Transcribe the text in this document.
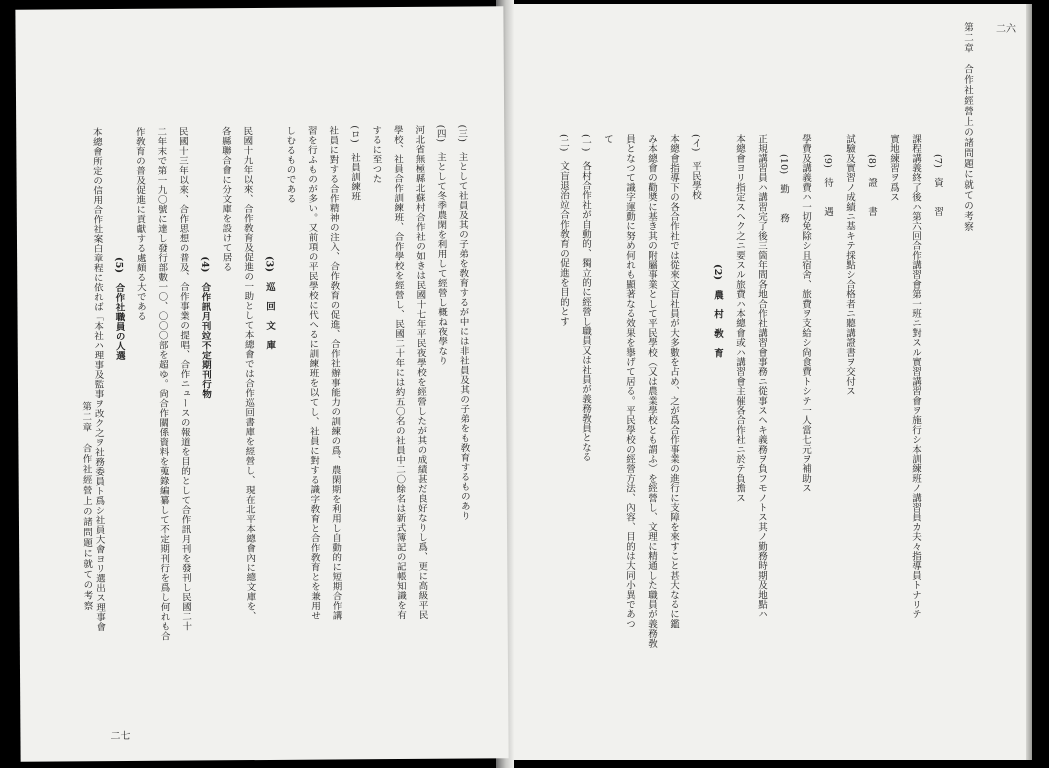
二六
第二章　合作社經營上の諸問題に就ての考察
(7)　資　　習
課程講義終了後ハ第六回合作講習會第一班ニ對スル實習講習會ヲ施行シ本訓練班ノ講習員カ夫々指導員トナリテ
實地練習ヲ爲ス
(8)　證　　書
試驗及實習ノ成績ニ基キテ採點シ合格者ニ聽講證書ヲ交付ス
(9)　待　　遇
學費及講義費ハ一切免除シ且宿舍、旅費ヲ支給シ尙食費トシテ一人當七元ヲ補助ス
(10)　勤　　務
正規講習員ハ講習完了後三箇年間各地合作社講習會事務ニ從事スヘキ義務ヲ負フモノトス其ノ勤務時期及地點ハ
本總會ヨリ指定スヘク之ニ要スル旅費ハ本總會或ハ講習會主催各合作社ニ於テ負擔ス
(2)　農　村　敎　育
(イ)　平民學校
本總會指導下の各合作社では從來文盲社員が大多數を占め、之が爲合作事業の進行に支障を來すこと甚大なるに鑑
み本總會の勸奬に基き其の附屬事業として平民學校（又は農業學校とも謂ふ）を經營し、文理に精通した職員が義務敎
員となつて識字運動に努め何れも顯著なる效果を擧げて居る。平民學校の經營方法、內容、目的は大同小異であつ
て
(一)　各村合作社が自動的、獨立的に經營し職員又は社員が義務敎員となる
(二)　文盲退治竝合作敎育の促進を目的とす
二七
第二章　合作社經營上の諸問題に就ての考察	(三)　主として社員及其の子弟を敎育するが中には非社員及其の子弟をも敎育するものあり
(四)　主として冬季農閑を利用して經營し概ね夜學なり
河北省無極縣北蘇村合作社の如きは民國十七年平民夜學校を經營したが其の成績甚だ良好なりし爲、更に高級平民
學校、社員合作訓練班、合作學校を經營し、民國二十年には約五〇名の社員中二〇餘名は新式簿記の記帳知識を有
するに至つた
(ロ)　社員訓練班
社員に對する合作精神の注入、合作敎育の促進、合作社辦事能力の訓練の爲、農閑期を利用し自動的に短期合作講
習を行ふものが多い。又前項の平民學校に代へるに訓練班を以てし、社員に對する識字敎育と合作敎育とを兼用せ
しむるものである
(3)　巡　回　文　庫
民國十九年以來、合作敎育及促進の一助として本總會では合作巡回書庫を經營し、現在北平本總會內に總文庫を、
各縣聯合會に分文庫を設けて居る
(4)　合作訊月刊竝不定期刊行物
民國十三年以來、合作思想の普及、合作事業の提唱、合作ニュースの報道を目的として合作訊月刊を發刊し民國二十
二年末で第一九〇號に達し發行部數一〇、〇〇〇部を超ゆ。尙合作關係資料を蒐錄編纂して不定期刊行を爲し何れも合
作敎育の普及促進に貢獻する處頗る大である
(5)　合作社職員の人選
本總會所定の信用合作社案白章程に依れば「本社ハ理事及監事ヲ改ク之ヲ社務委員ト爲シ社員大會ヨリ選出ス理事會
